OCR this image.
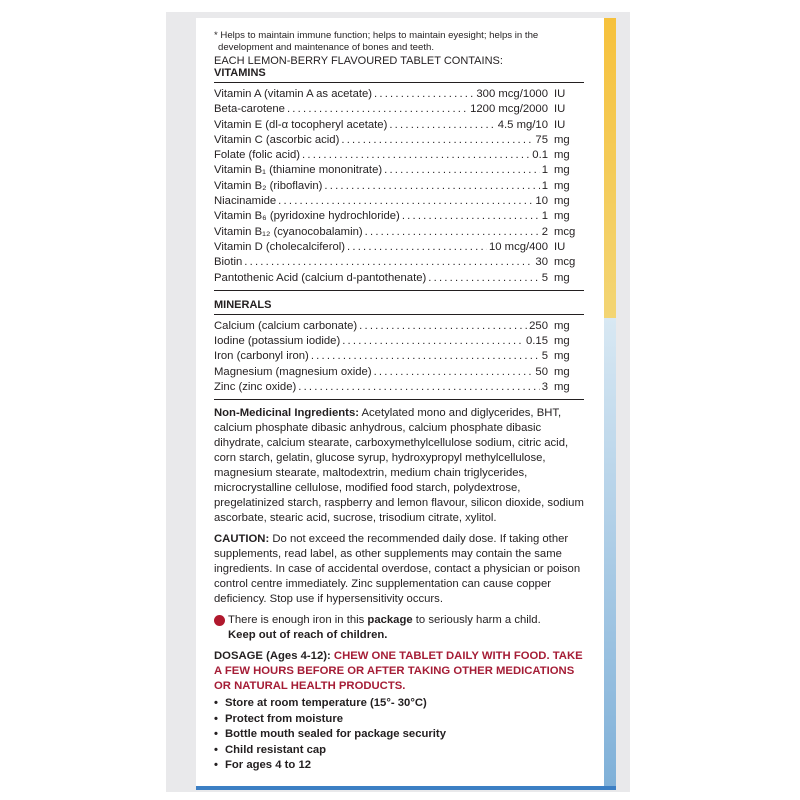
* Helps to maintain immune function; helps to maintain eyesight; helps in the development and maintenance of bones and teeth.
EACH LEMON-BERRY FLAVOURED TABLET CONTAINS:
VITAMINS
Vitamin A (vitamin A as acetate) .....	300 mcg/1000 IU
Beta-carotene .....	1200 mcg/2000 IU
Vitamin E (dl-α tocopheryl acetate) .....	4.5 mg/10 IU
Vitamin C (ascorbic acid) .....	75 mg
Folate (folic acid) .....	0.1 mg
Vitamin B₁ (thiamine mononitrate) .....	1 mg
Vitamin B₂ (riboflavin) .....	1 mg
Niacinamide .....	10 mg
Vitamin B₆ (pyridoxine hydrochloride) .....	1 mg
Vitamin B₁₂ (cyanocobalamin) .....	2 mcg
Vitamin D (cholecalciferol) .....	10 mcg/400 IU
Biotin .....	30 mcg
Pantothenic Acid (calcium d-pantothenate) .....	5 mg
MINERALS
Calcium (calcium carbonate) .....	250 mg
Iodine (potassium iodide) .....	0.15 mg
Iron (carbonyl iron) .....	5 mg
Magnesium (magnesium oxide) .....	50 mg
Zinc (zinc oxide) .....	3 mg
Non-Medicinal Ingredients: Acetylated mono and diglycerides, BHT, calcium phosphate dibasic anhydrous, calcium phosphate dibasic dihydrate, calcium stearate, carboxymethylcellulose sodium, citric acid, corn starch, gelatin, glucose syrup, hydroxypropyl methylcellulose, magnesium stearate, maltodextrin, medium chain triglycerides, microcrystalline cellulose, modified food starch, polydextrose, pregelatinized starch, raspberry and lemon flavour, silicon dioxide, sodium ascorbate, stearic acid, sucrose, trisodium citrate, xylitol.
CAUTION: Do not exceed the recommended daily dose. If taking other supplements, read label, as other supplements may contain the same ingredients. In case of accidental overdose, contact a physician or poison control centre immediately. Zinc supplementation can cause copper deficiency. Stop use if hypersensitivity occurs.
There is enough iron in this package to seriously harm a child.
Keep out of reach of children.
DOSAGE (Ages 4-12): CHEW ONE TABLET DAILY WITH FOOD. TAKE A FEW HOURS BEFORE OR AFTER TAKING OTHER MEDICATIONS OR NATURAL HEALTH PRODUCTS.
• Store at room temperature (15°- 30°C)
• Protect from moisture
• Bottle mouth sealed for package security
• Child resistant cap
• For ages 4 to 12
